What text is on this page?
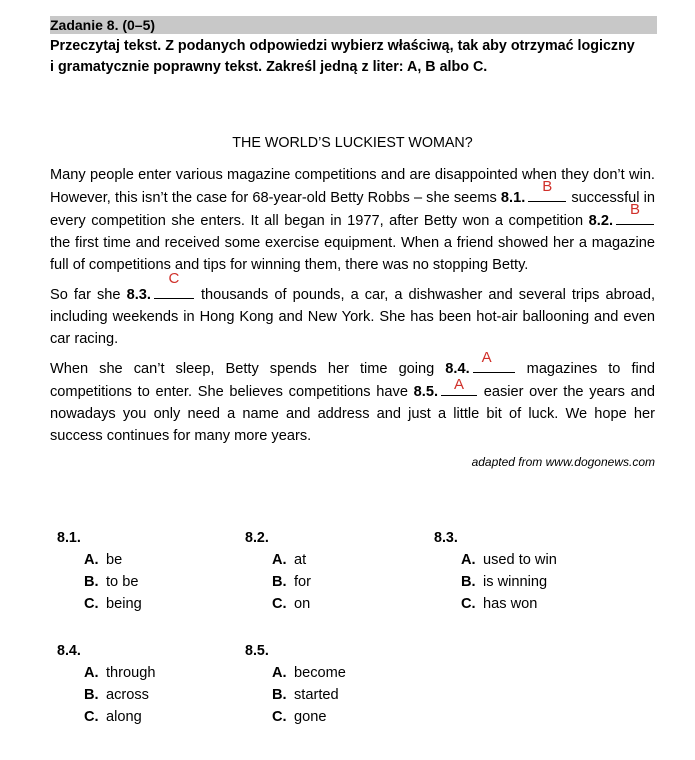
Zadanie 8. (0–5)
Przeczytaj tekst. Z podanych odpowiedzi wybierz właściwą, tak aby otrzymać logiczny
i gramatycznie poprawny tekst. Zakreśl jedną z liter: A, B albo C.
THE WORLD’S LUCKIEST WOMAN?
Many people enter various magazine competitions and are disappointed when they don’t win. However, this isn’t the case for 68-year-old Betty Robbs – she seems 8.1.
B
successful in every competition she enters. It all began in 1977, after Betty won a competition 8.2.
B
the first time and received some exercise equipment. When a friend showed her a magazine full of competitions and tips for winning them, there was no stopping Betty.
So far she 8.3.
C
thousands of pounds, a car, a dishwasher and several trips abroad, including weekends in Hong Kong and New York. She has been hot-air ballooning and even car racing.
When she can’t sleep, Betty spends her time going 8.4.
A
magazines to find competitions to enter. She believes competitions have 8.5.	A easier over the years and nowadays you only need a name and address and just a little bit of luck. We hope her success continues for many more years.
adapted from www.dogonews.com
8.1.
A. be
B. to be
C. being
8.2.
A. at
B. for
C. on
8.3.
A. used to win
B. is winning
C. has won
8.4.
A. through
B. across
C. along
8.5.
A. become
B. started
C. gone
